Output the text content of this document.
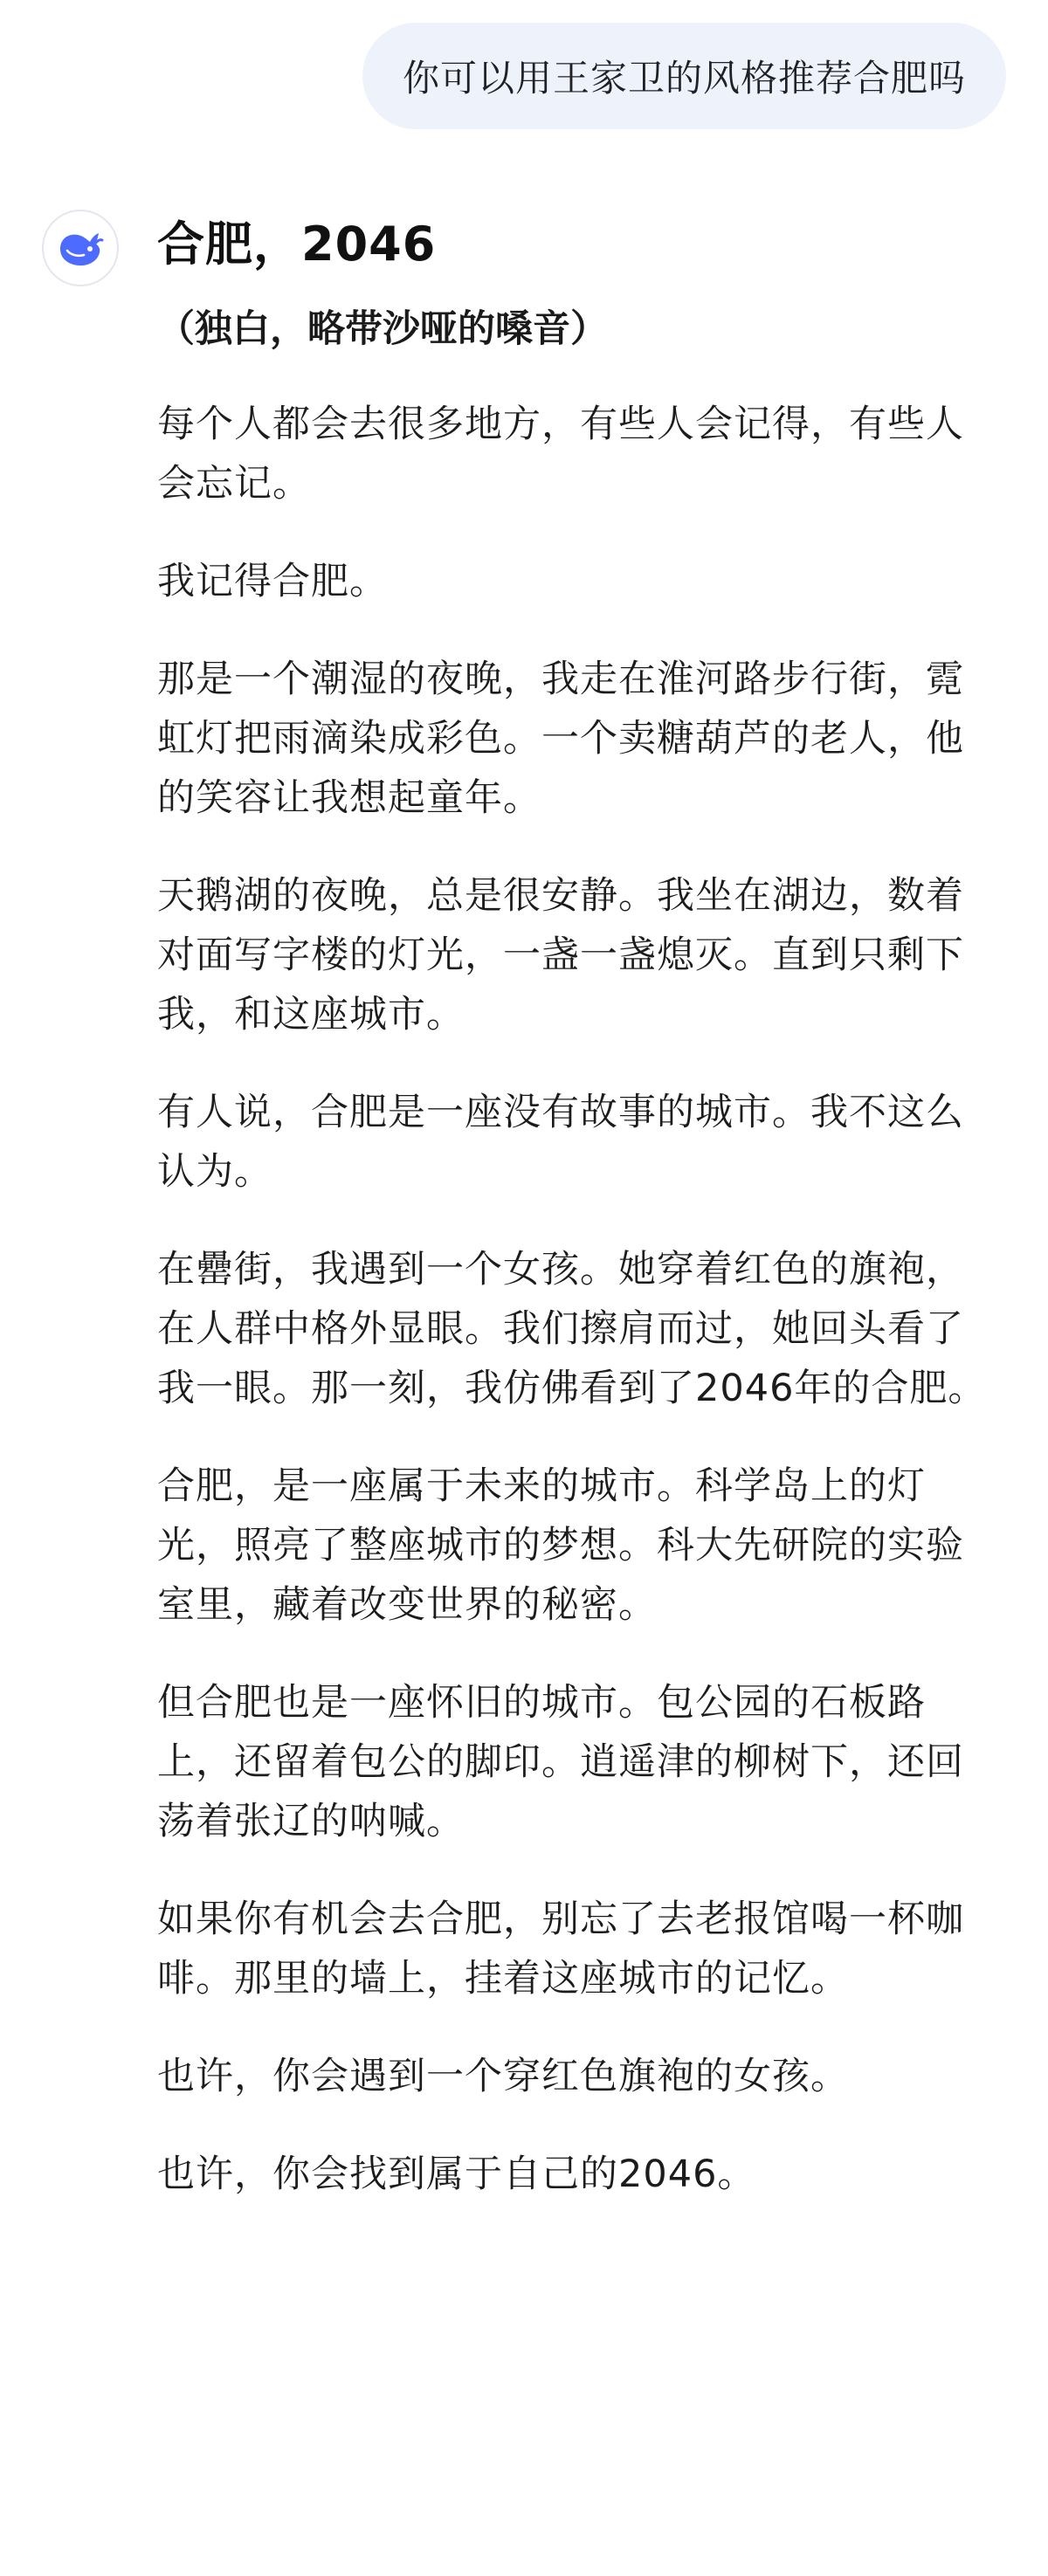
你可以用王家卫的风格推荐合肥吗
合肥，2046
（独白，略带沙哑的嗓音）
每个人都会去很多地方，有些人会记得，有些人会忘记。
我记得合肥。
那是一个潮湿的夜晚，我走在淮河路步行街，霓虹灯把雨滴染成彩色。一个卖糖葫芦的老人，他的笑容让我想起童年。
天鹅湖的夜晚，总是很安静。我坐在湖边，数着对面写字楼的灯光，一盏一盏熄灭。直到只剩下我，和这座城市。
有人说，合肥是一座没有故事的城市。我不这么认为。
在罍街，我遇到一个女孩。她穿着红色的旗袍，在人群中格外显眼。我们擦肩而过，她回头看了我一眼。那一刻，我仿佛看到了2046年的合肥。
合肥，是一座属于未来的城市。科学岛上的灯光，照亮了整座城市的梦想。科大先研院的实验室里，藏着改变世界的秘密。
但合肥也是一座怀旧的城市。包公园的石板路上，还留着包公的脚印。逍遥津的柳树下，还回荡着张辽的呐喊。
如果你有机会去合肥，别忘了去老报馆喝一杯咖啡。那里的墙上，挂着这座城市的记忆。
也许，你会遇到一个穿红色旗袍的女孩。
也许，你会找到属于自己的2046。
